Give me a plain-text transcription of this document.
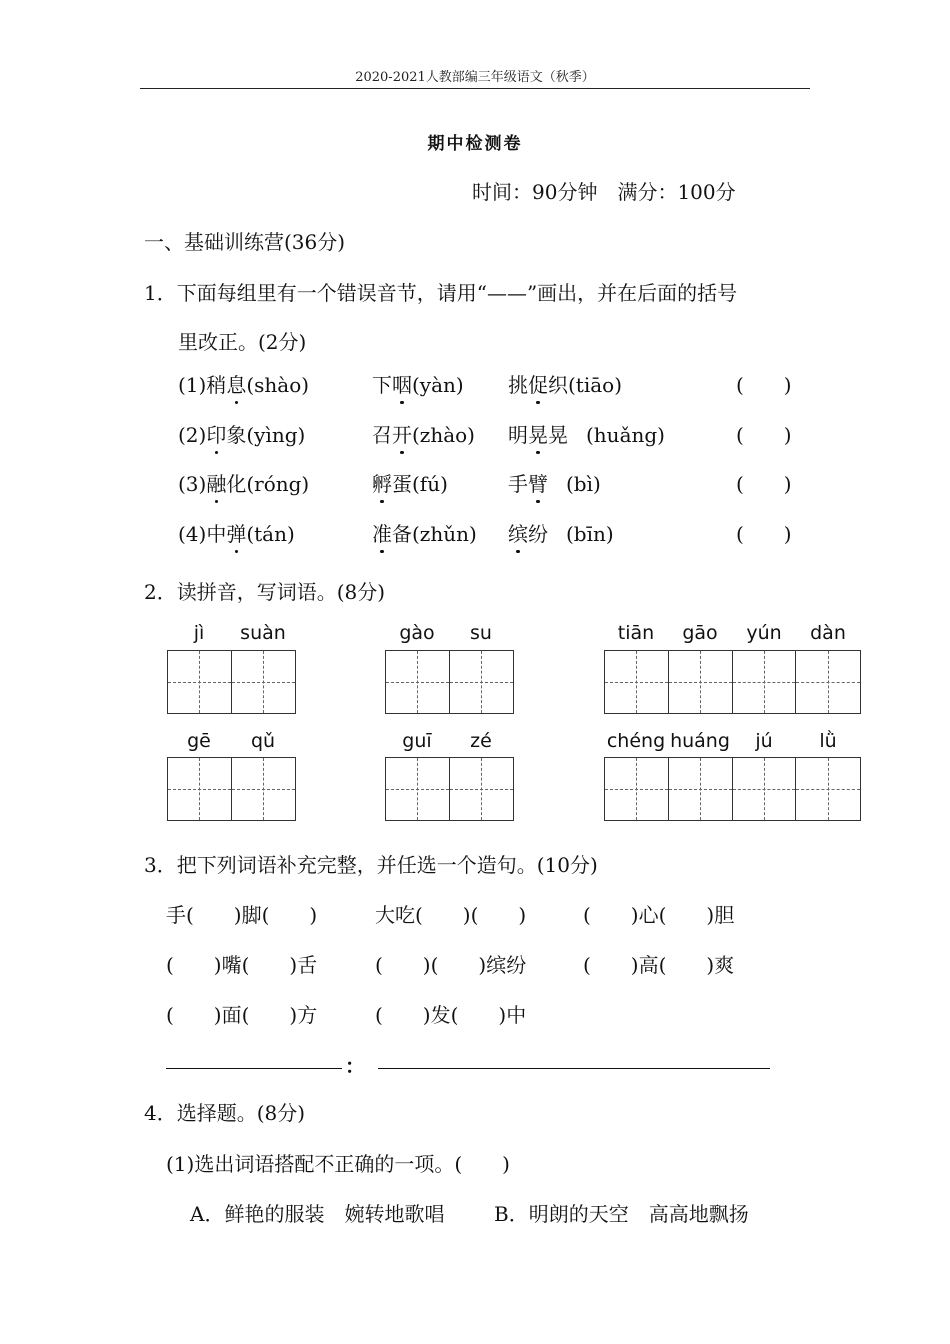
2020-2021人教部编三年级语文（秋季）
期中检测卷
时间：90分钟　满分：100分
一、基础训练营(36分)
1．下面每组里有一个错误音节，请用“——”画出，并在后面的括号
里改正。(2分)
(1)稍息(shào)	下咽(yàn) 挑促织(tiāo)	(　　)
(2)印象(yìng)	召开(zhào) 明晃晃 (huǎng)	(　　)
(3)融化(róng)	孵蛋(fú)	手臂 (bì)	(　　)
(4)中弹(tán)	准备(zhǔn) 缤纷 (bīn)	(　　)
2．读拼音，写词语。(8分)
jì	suàn	gào	su	tiān	gāo	yún	dàn
gē	qǔ	guī	zé	chéng huáng	jú	lǜ
3．把下列词语补充完整，并任选一个造句。(10分)
手(　　)脚(　　)	大吃(　　)(　　)	(　　)心(　　)胆
(　　)嘴(　　)舌	(　　)(　　)缤纷	(　　)高(　　)爽
(　　)面(　　)方	(　　)发(　　)中
：
4．选择题。(8分)
(1)选出词语搭配不正确的一项。(　　)
A．鲜艳的服装　婉转地歌唱 B．明朗的天空　高高地飘扬
